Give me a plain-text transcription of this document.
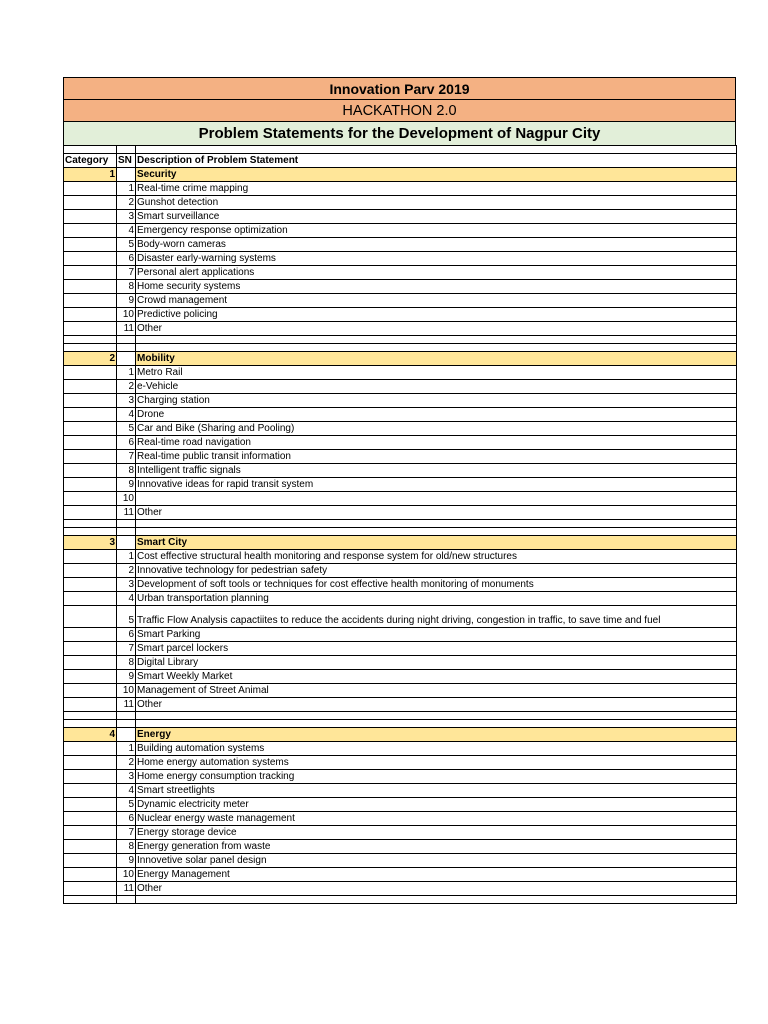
Innovation Parv 2019
HACKATHON 2.0
Problem Statements for the Development of Nagpur City

Category	SN	Description of Problem Statement
1		Security
	1	Real-time crime mapping
	2	Gunshot detection
	3	Smart surveillance
	4	Emergency response optimization
	5	Body-worn cameras
	6	Disaster early-warning systems
	7	Personal alert applications
	8	Home security systems
	9	Crowd management
	10	Predictive policing
	11	Other

2		Mobility
	1	Metro Rail
	2	e-Vehicle
	3	Charging station
	4	Drone
	5	Car and Bike (Sharing and Pooling)
	6	Real-time road navigation
	7	Real-time public transit information
	8	Intelligent traffic signals
	9	Innovative ideas for rapid transit system
	10	
	11	Other

3		Smart City
	1	Cost effective structural health monitoring and response system for old/new structures
	2	Innovative technology for pedestrian safety
	3	Development of soft tools or techniques for cost effective health monitoring of monuments
	4	Urban transportation planning
	5	Traffic Flow Analysis capactiites to reduce the accidents during night driving, congestion in traffic, to save time and fuel
	6	Smart Parking
	7	Smart parcel lockers
	8	Digital Library
	9	Smart Weekly Market
	10	Management of Street Animal
	11	Other

4		Energy
	1	Building automation systems
	2	Home energy automation systems
	3	Home energy consumption tracking
	4	Smart streetlights
	5	Dynamic electricity meter
	6	Nuclear energy waste management
	7	Energy storage device
	8	Energy generation from waste
	9	Innovetive solar panel design
	10	Energy Management
	11	Other
